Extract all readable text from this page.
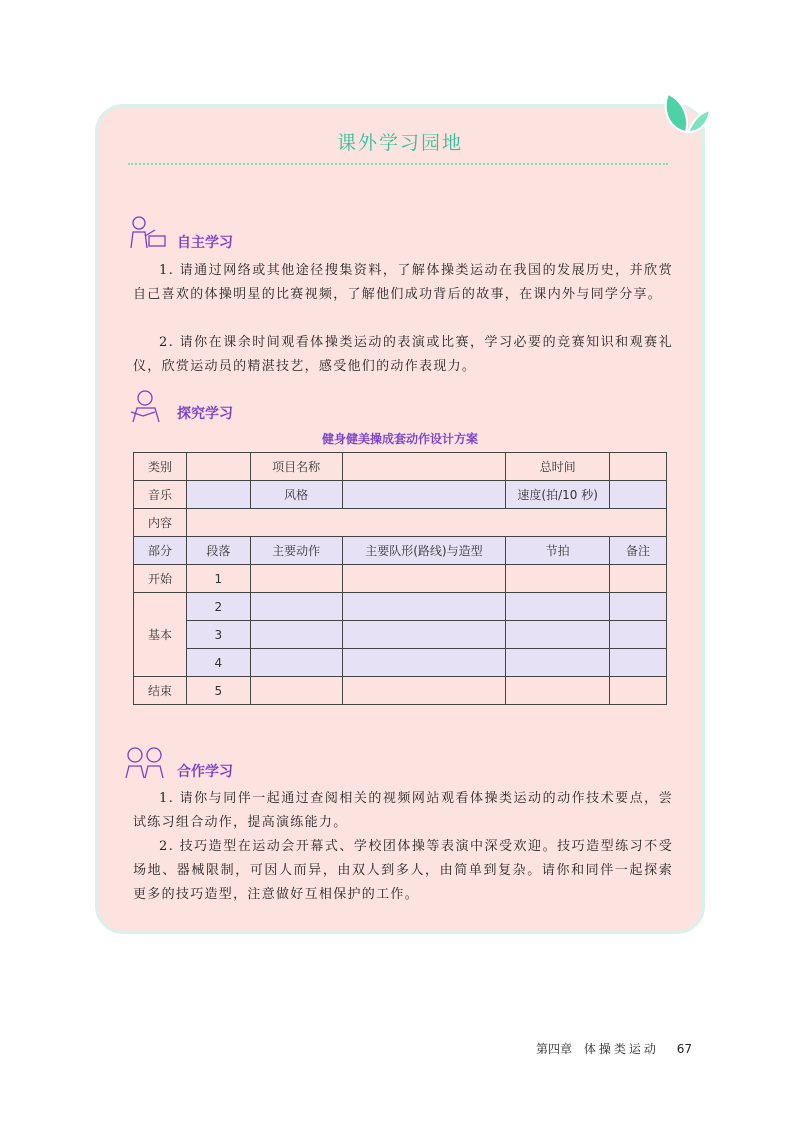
课外学习园地
自主学习
1. 请通过网络或其他途径搜集资料，了解体操类运动在我国的发展历史，并欣赏自己喜欢的体操明星的比赛视频，了解他们成功背后的故事，在课内外与同学分享。
2. 请你在课余时间观看体操类运动的表演或比赛，学习必要的竞赛知识和观赛礼仪，欣赏运动员的精湛技艺，感受他们的动作表现力。
探究学习
健身健美操成套动作设计方案
类别		项目名称		总时间	
音乐		风格		速度(拍/10 秒)	
内容					
部分	段落	主要动作	主要队形(路线)与造型	节拍	备注
开始	1				
基本	2				
	3				
	4				
结束	5				
合作学习
1. 请你与同伴一起通过查阅相关的视频网站观看体操类运动的动作技术要点，尝试练习组合动作，提高演练能力。
2. 技巧造型在运动会开幕式、学校团体操等表演中深受欢迎。技巧造型练习不受场地、器械限制，可因人而异，由双人到多人，由简单到复杂。请你和同伴一起探索更多的技巧造型，注意做好互相保护的工作。
第四章 体操类运动 67
